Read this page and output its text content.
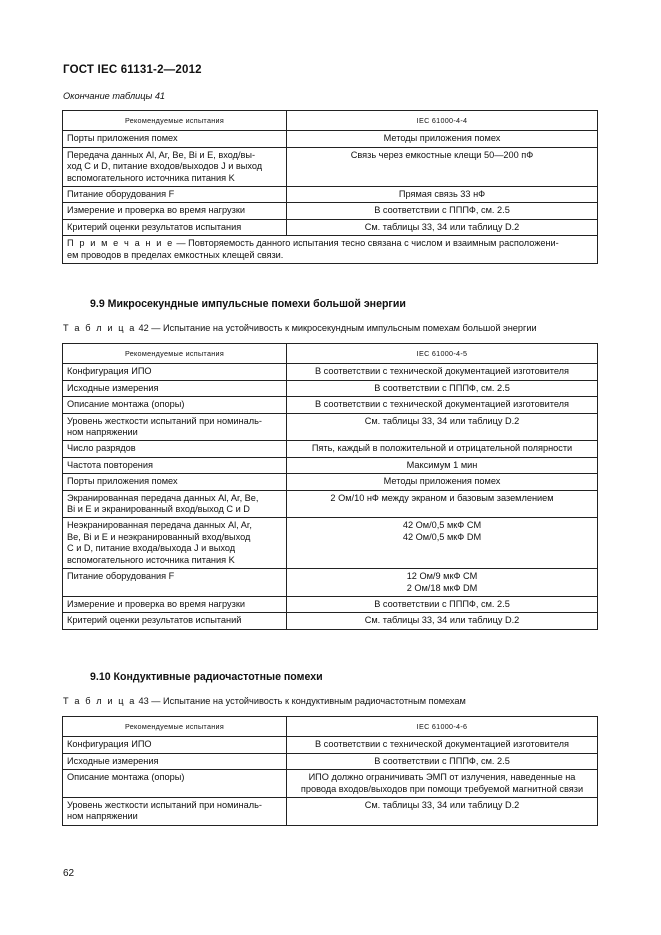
ГОСТ IEC 61131-2—2012
Окончание таблицы 41
Рекомендуемые испытания	IEC 61000-4-4
Порты приложения помех	Методы приложения помех
Передача данных Al, Ar, Be, Bi и E, вход/вы-
ход C и D, питание входов/выходов J и выход
вспомогательного источника питания K	Связь через емкостные клещи 50—200 пФ
Питание оборудования F	Прямая связь 33 нФ
Измерение и проверка во время нагрузки	В соответствии с ПППФ, см. 2.5
Критерий оценки результатов испытания	См. таблицы 33, 34 или таблицу D.2
П р и м е ч а н и е — Повторяемость данного испытания тесно связана с числом и взаимным расположени-
ем проводов в пределах емкостных клещей связи.	
9.9 Микросекундные импульсные помехи большой энергии
Т а б л и ц а 42 — Испытание на устойчивость к микросекундным импульсным помехам большой энергии
Рекомендуемые испытания	IEC 61000-4-5
Конфигурация ИПО	В соответствии с технической документацией изготовителя
Исходные измерения	В соответствии с ПППФ, см. 2.5
Описание монтажа (опоры)	В соответствии с технической документацией изготовителя
Уровень жесткости испытаний при номиналь-
ном напряжении	См. таблицы 33, 34 или таблицу D.2
Число разрядов	Пять, каждый в положительной и отрицательной полярности
Частота повторения	Максимум 1 мин
Порты приложения помех	Методы приложения помех
Экранированная передача данных Al, Ar, Be,
Bi и E и экранированный вход/выход C и D	2 Ом/10 нФ между экраном и базовым заземлением
Неэкранированная передача данных Al, Ar,
Be, Bi и E и неэкранированный вход/выход
C и D, питание входа/выхода J и выход
вспомогательного источника питания K	42 Ом/0,5 мкФ CM
42 Ом/0,5 мкФ DM
Питание оборудования F	12 Ом/9 мкФ CM
2 Ом/18 мкФ DM
Измерение и проверка во время нагрузки	В соответствии с ПППФ, см. 2.5
Критерий оценки результатов испытаний	См. таблицы 33, 34 или таблицу D.2
9.10 Кондуктивные радиочастотные помехи
Т а б л и ц а 43 — Испытание на устойчивость к кондуктивным радиочастотным помехам
Рекомендуемые испытания	IEC 61000-4-6
Конфигурация ИПО	В соответствии с технической документацией изготовителя
Исходные измерения	В соответствии с ПППФ, см. 2.5
Описание монтажа (опоры)	ИПО должно ограничивать ЭМП от излучения, наведенные на
провода входов/выходов при помощи требуемой магнитной связи
Уровень жесткости испытаний при номиналь-
ном напряжении	См. таблицы 33, 34 или таблицу D.2
62
